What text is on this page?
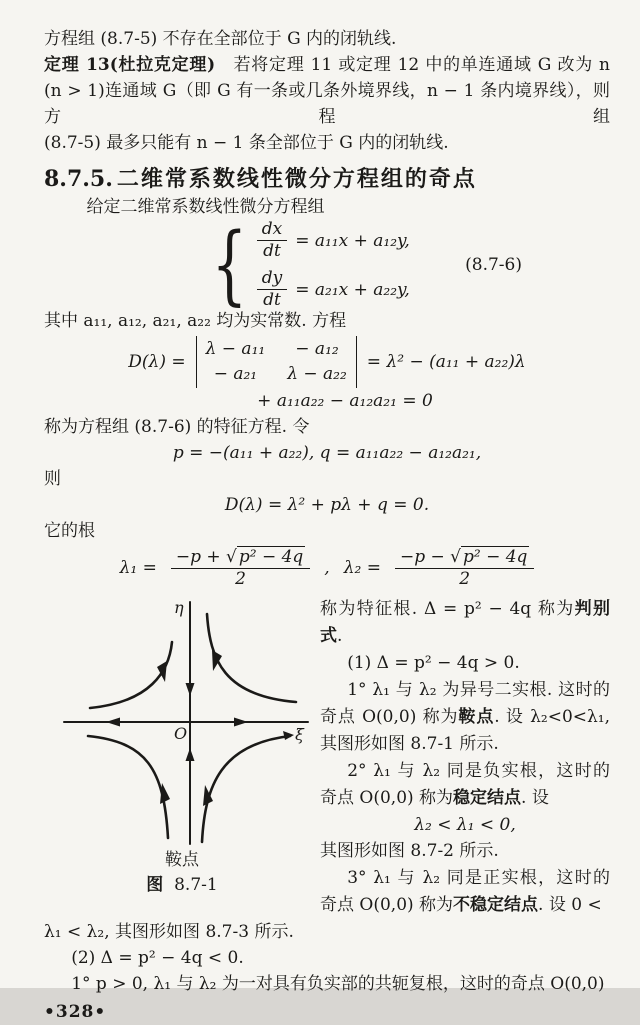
方程组 (8.7-5) 不存在全部位于 G 内的闭轨线.
定理 13(杜拉克定理)　若将定理 11 或定理 12 中的单连通域 G 改为 n
(n > 1)连通域 G（即 G 有一条或几条外境界线，n − 1 条内境界线），则方程组
(8.7-5) 最多只能有 n − 1 条全部位于 G 内的闭轨线.
8.7.5. 二维常系数线性微分方程组的奇点
给定二维常系数线性微分方程组
{ $\frac{dx}{dt} = a_{11}x + a_{12}y$,
$\frac{dy}{dt} = a_{21}x + a_{22}y$,
(8.7-6)
其中 a₁₁, a₁₂, a₂₁, a₂₂ 均为实常数. 方程
D(λ) =
λ − a₁₁	− a₁₂
− a₂₁	λ − a₂₂
= λ² − (a₁₁ + a₂₂)λ
+ a₁₁a₂₂ − a₁₂a₂₁ = 0
称为方程组 (8.7-6) 的特征方程. 令
p = −(a₁₁ + a₂₂), q = a₁₁a₂₂ − a₁₂a₂₁,
则
D(λ) = λ² + pλ + q = 0.
它的根
$\lambda_1 = \frac{\text{−p + √ p² − 4q}}{2}$ , $\lambda_2 = \frac{\text{−p − √ p² − 4q}}{2}$
η
ξ
O
鞍点
图 8.7-1

称为特征根. Δ = p² − 4q 称为判别式.

(1) Δ = p² − 4q > 0.

1° λ₁ 与 λ₂ 为异号二实根. 这时的奇点 O(0,0) 称为鞍点. 设 λ₂<0<λ₁, 其图形如图 8.7-1 所示.

2° λ₁ 与 λ₂ 同是负实根，这时的奇点 O(0,0) 称为稳定结点. 设

λ₂ < λ₁ < 0,

其图形如图 8.7-2 所示.

3° λ₁ 与 λ₂ 同是正实根，这时的奇点 O(0,0) 称为不稳定结点. 设 0 <

λ₁ < λ₂, 其图形如图 8.7-3 所示.

(2) Δ = p² − 4q < 0.

1° p > 0, λ₁ 与 λ₂ 为一对具有负实部的共轭复根，这时的奇点 O(0,0)

•328•
